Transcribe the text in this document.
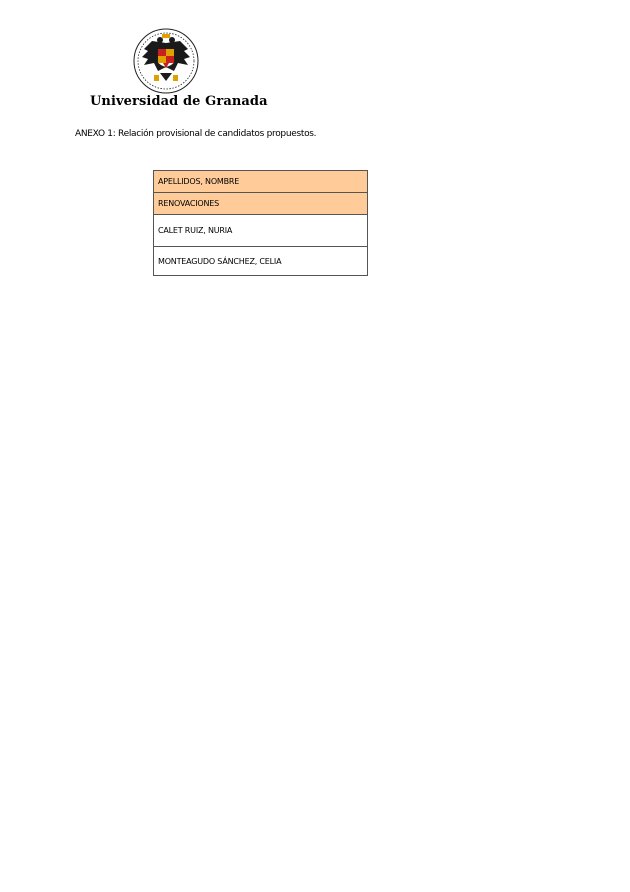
Universidad de Granada
ANEXO 1: Relación provisional de candidatos propuestos.
APELLIDOS, NOMBRE
RENOVACIONES
CALET RUIZ, NURIA
MONTEAGUDO SÁNCHEZ, CELIA
